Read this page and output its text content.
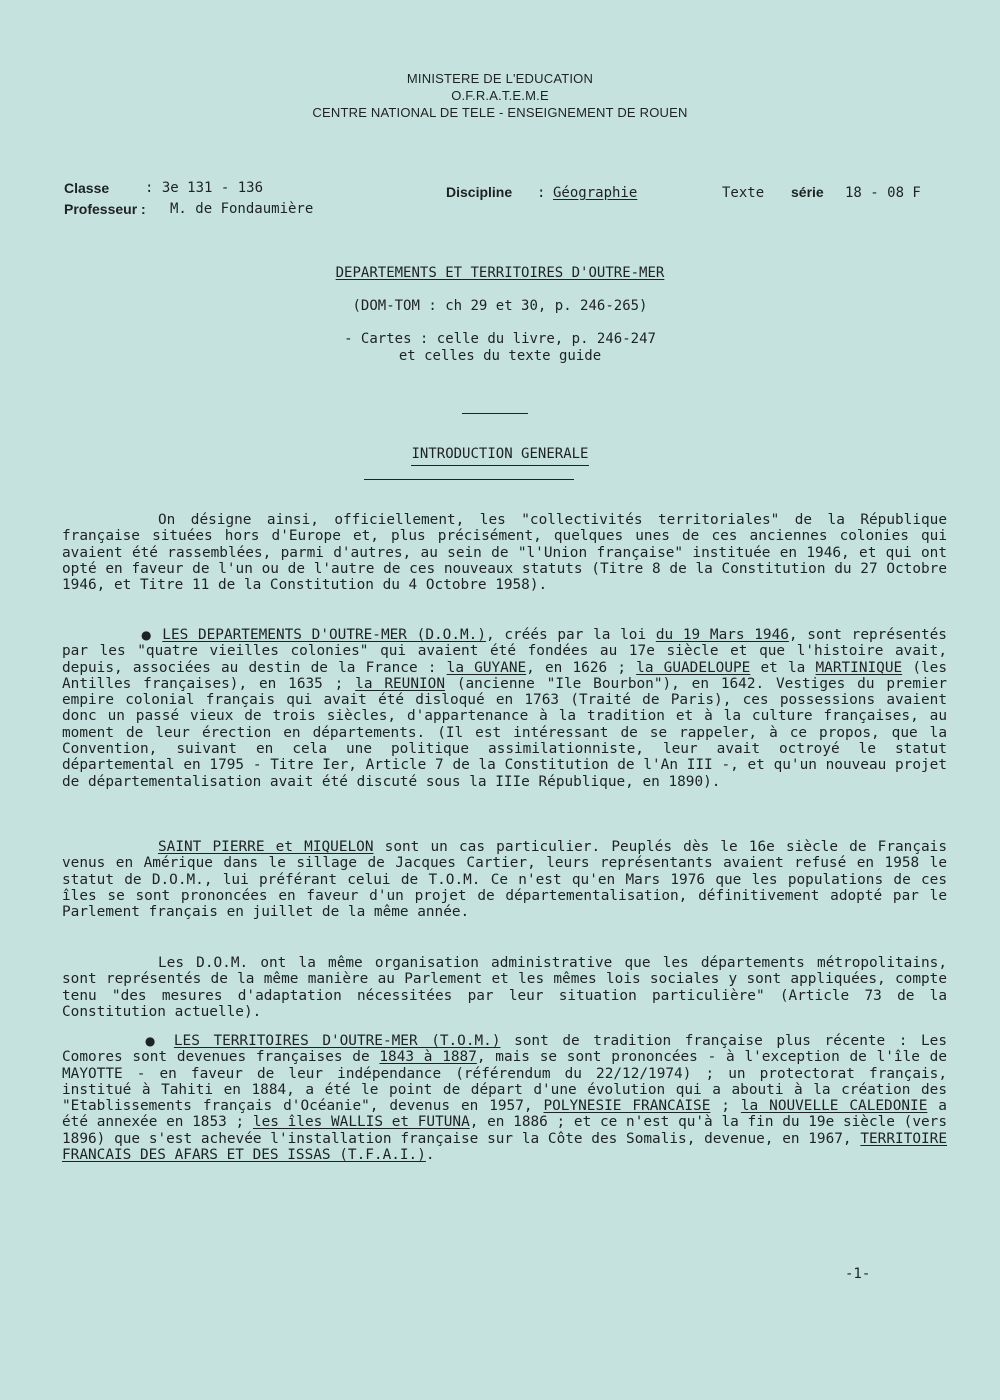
MINISTERE DE L'EDUCATION
O.F.R.A.T.E.M.E
CENTRE NATIONAL DE TELE - ENSEIGNEMENT DE ROUEN
Classe	: 3e 131 - 136
Professeur : M. de Fondaumière
Discipline : Géographie	Texte série 18 - 08 F
DEPARTEMENTS ET TERRITOIRES D'OUTRE-MER
(DOM-TOM : ch 29 et 30, p. 246-265)
- Cartes : celle du livre, p. 246-247
et celles du texte guide
INTRODUCTION GENERALE
On désigne ainsi, officiellement, les "collectivités territoriales" de la République française situées hors d'Europe et, plus précisément, quelques unes de ces anciennes colonies qui avaient été rassemblées, parmi d'autres, au sein de "l'Union française" instituée en 1946, et qui ont opté en faveur de l'un ou de l'autre de ces nouveaux statuts (Titre 8 de la Constitution du 27 Octobre 1946, et Titre 11 de la Constitution du 4 Octobre 1958).
● LES DEPARTEMENTS D'OUTRE-MER (D.O.M.), créés par la loi du 19 Mars 1946, sont représentés par les "quatre vieilles colonies" qui avaient été fondées au 17e siècle et que l'histoire avait, depuis, associées au destin de la France : la GUYANE, en 1626 ; la GUADELOUPE et la MARTINIQUE (les Antilles françaises), en 1635 ; la REUNION (ancienne "Ile Bourbon"), en 1642. Vestiges du premier empire colonial français qui avait été disloqué en 1763 (Traité de Paris), ces possessions avaient donc un passé vieux de trois siècles, d'appartenance à la tradition et à la culture françaises, au moment de leur érection en départements. (Il est intéressant de se rappeler, à ce propos, que la Convention, suivant en cela une politique assimilationniste, leur avait octroyé le statut départemental en 1795 - Titre Ier, Article 7 de la Constitution de l'An III -, et qu'un nouveau projet de départementalisation avait été discuté sous la IIIe République, en 1890).
SAINT PIERRE et MIQUELON sont un cas particulier. Peuplés dès le 16e siècle de Français venus en Amérique dans le sillage de Jacques Cartier, leurs représentants avaient refusé en 1958 le statut de D.O.M., lui préférant celui de T.O.M. Ce n'est qu'en Mars 1976 que les populations de ces îles se sont prononcées en faveur d'un projet de départementalisation, définitivement adopté par le Parlement français en juillet de la même année.
Les D.O.M. ont la même organisation administrative que les départements métropolitains, sont représentés de la même manière au Parlement et les mêmes lois sociales y sont appliquées, compte tenu "des mesures d'adaptation nécessitées par leur situation particulière" (Article 73 de la Constitution actuelle).
● LES TERRITOIRES D'OUTRE-MER (T.O.M.) sont de tradition française plus récente : Les Comores sont devenues françaises de 1843 à 1887, mais se sont prononcées - à l'exception de l'île de MAYOTTE - en faveur de leur indépendance (référendum du 22/12/1974) ; un protectorat français, institué à Tahiti en 1884, a été le point de départ d'une évolution qui a abouti à la création des "Etablissements français d'Océanie", devenus en 1957, POLYNESIE FRANCAISE ; la NOUVELLE CALEDONIE a été annexée en 1853 ; les îles WALLIS et FUTUNA, en 1886 ; et ce n'est qu'à la fin du 19e siècle (vers 1896) que s'est achevée l'installation française sur la Côte des Somalis, devenue, en 1967, TERRITOIRE FRANCAIS DES AFARS ET DES ISSAS (T.F.A.I.).
-1-
